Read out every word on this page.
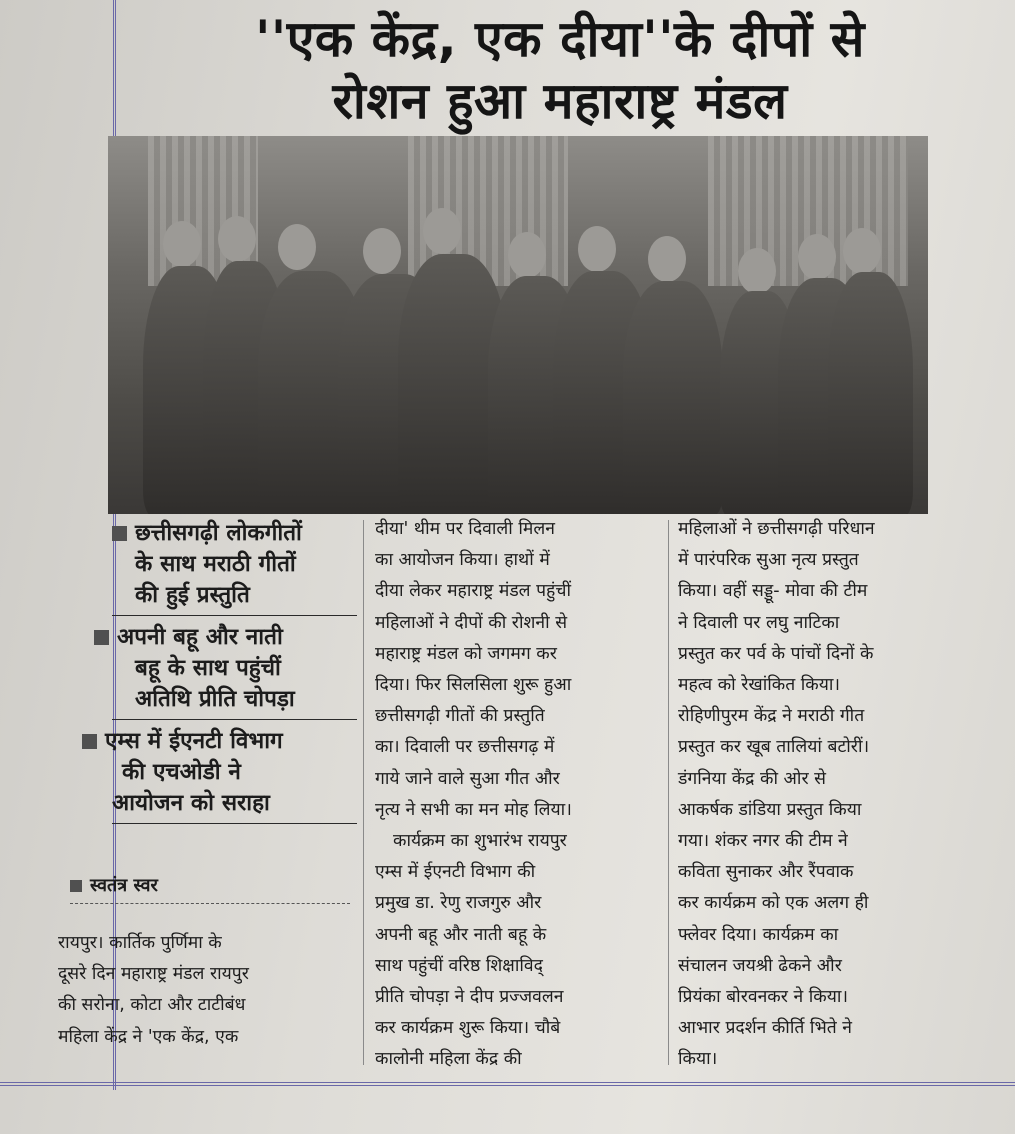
''एक केंद्र, एक दीया''के दीपों से
रोशन हुआ महाराष्ट्र मंडल
छत्तीसगढ़ी लोकगीतों
के साथ मराठी गीतों
की हुई प्रस्तुति
अपनी बहू और नाती
बहू के साथ पहुंचीं
अतिथि प्रीति चोपड़ा
एम्स में ईएनटी विभाग
की एचओडी ने
आयोजन को सराहा
स्वतंत्र स्वर
रायपुर। कार्तिक पुर्णिमा के
दूसरे दिन महाराष्ट्र मंडल रायपुर
की सरोना, कोटा और टाटीबंध
महिला केंद्र ने 'एक केंद्र, एक
दीया' थीम पर दिवाली मिलन
का आयोजन किया। हाथों में
दीया लेकर महाराष्ट्र मंडल पहुंचीं
महिलाओं ने दीपों की रोशनी से
महाराष्ट्र मंडल को जगमग कर
दिया। फिर सिलसिला शुरू हुआ
छत्तीसगढ़ी गीतों की प्रस्तुति
का। दिवाली पर छत्तीसगढ़ में
गाये जाने वाले सुआ गीत और
नृत्य ने सभी का मन मोह लिया।
कार्यक्रम का शुभारंभ रायपुर
एम्स में ईएनटी विभाग की
प्रमुख डा. रेणु राजगुरु और
अपनी बहू और नाती बहू के
साथ पहुंचीं वरिष्ठ शिक्षाविद्
प्रीति चोपड़ा ने दीप प्रज्जवलन
कर कार्यक्रम शुरू किया। चौबे
कालोनी महिला केंद्र की
महिलाओं ने छत्तीसगढ़ी परिधान
में पारंपरिक सुआ नृत्य प्रस्तुत
किया। वहीं सड्डू- मोवा की टीम
ने दिवाली पर लघु नाटिका
प्रस्तुत कर पर्व के पांचों दिनों के
महत्व को रेखांकित किया।
रोहिणीपुरम केंद्र ने मराठी गीत
प्रस्तुत कर खूब तालियां बटोरीं।
डंगनिया केंद्र की ओर से
आकर्षक डांडिया प्रस्तुत किया
गया। शंकर नगर की टीम ने
कविता सुनाकर और रैंपवाक
कर कार्यक्रम को एक अलग ही
फ्लेवर दिया। कार्यक्रम का
संचालन जयश्री ढेकने और
प्रियंका बोरवनकर ने किया।
आभार प्रदर्शन कीर्ति भिते ने
किया।
